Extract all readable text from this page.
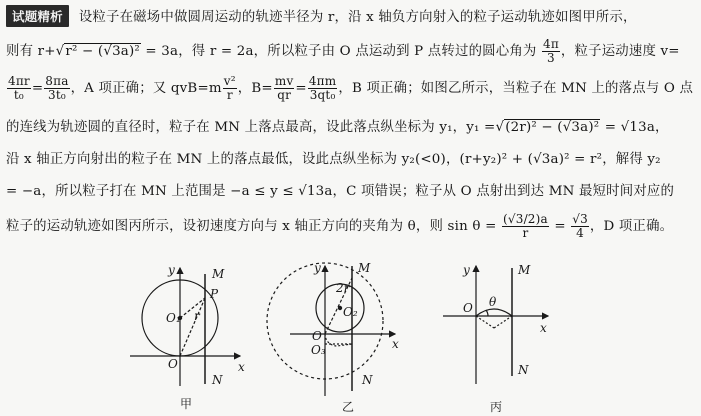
试题精析 设粒子在磁场中做圆周运动的轨迹半径为 r，沿 x 轴负方向射入的粒子运动轨迹如图甲所示，
则有 r+√r² − (√3a)² = 3a，得 r = 2a，所以粒子由 O 点运动到 P 点转过的圆心角为 $\frac{4\pi}{3}$ ，粒子运动速度 v=
$\frac{4\pi r}{\text{t₀}} = \frac{8\pi a}{\text{3t₀}}$ ，A 项正确；又 $qvB=m \frac{\text{v²}}{r}$ ，$B= \frac{mv}{qr} = \frac{4\pi m}{\text{3qt₀}}$ ，B 项正确；如图乙所示，当粒子在 MN 上的落点与 O 点
的连线为轨迹圆的直径时，粒子在 MN 上落点最高，设此落点纵坐标为 y₁，y₁ =√(2r)² − (√3a)² = √13a，
沿 x 轴正方向射出的粒子在 MN 上的落点最低，设此点纵坐标为 y₂(<0)，(r+y₂)² + (√3a)² = r²，解得 y₂
= −a，所以粒子打在 MN 上范围是 −a ≤ y ≤ √13a，C 项错误；粒子从 O 点射出到达 MN 最短时间对应的
粒子的运动轨迹如图丙所示，设初速度方向与 x 轴正方向的夹角为 θ，则 $\sin \theta = \frac{(√3/2)a}{r} = \frac{√3}{4}$ ，D 项正确。
y
x
M
N
O
O₁
P
r
甲
y
x
M
N
O
O₂
O₃
2r
乙
y
x
M
N
O θ
丙
